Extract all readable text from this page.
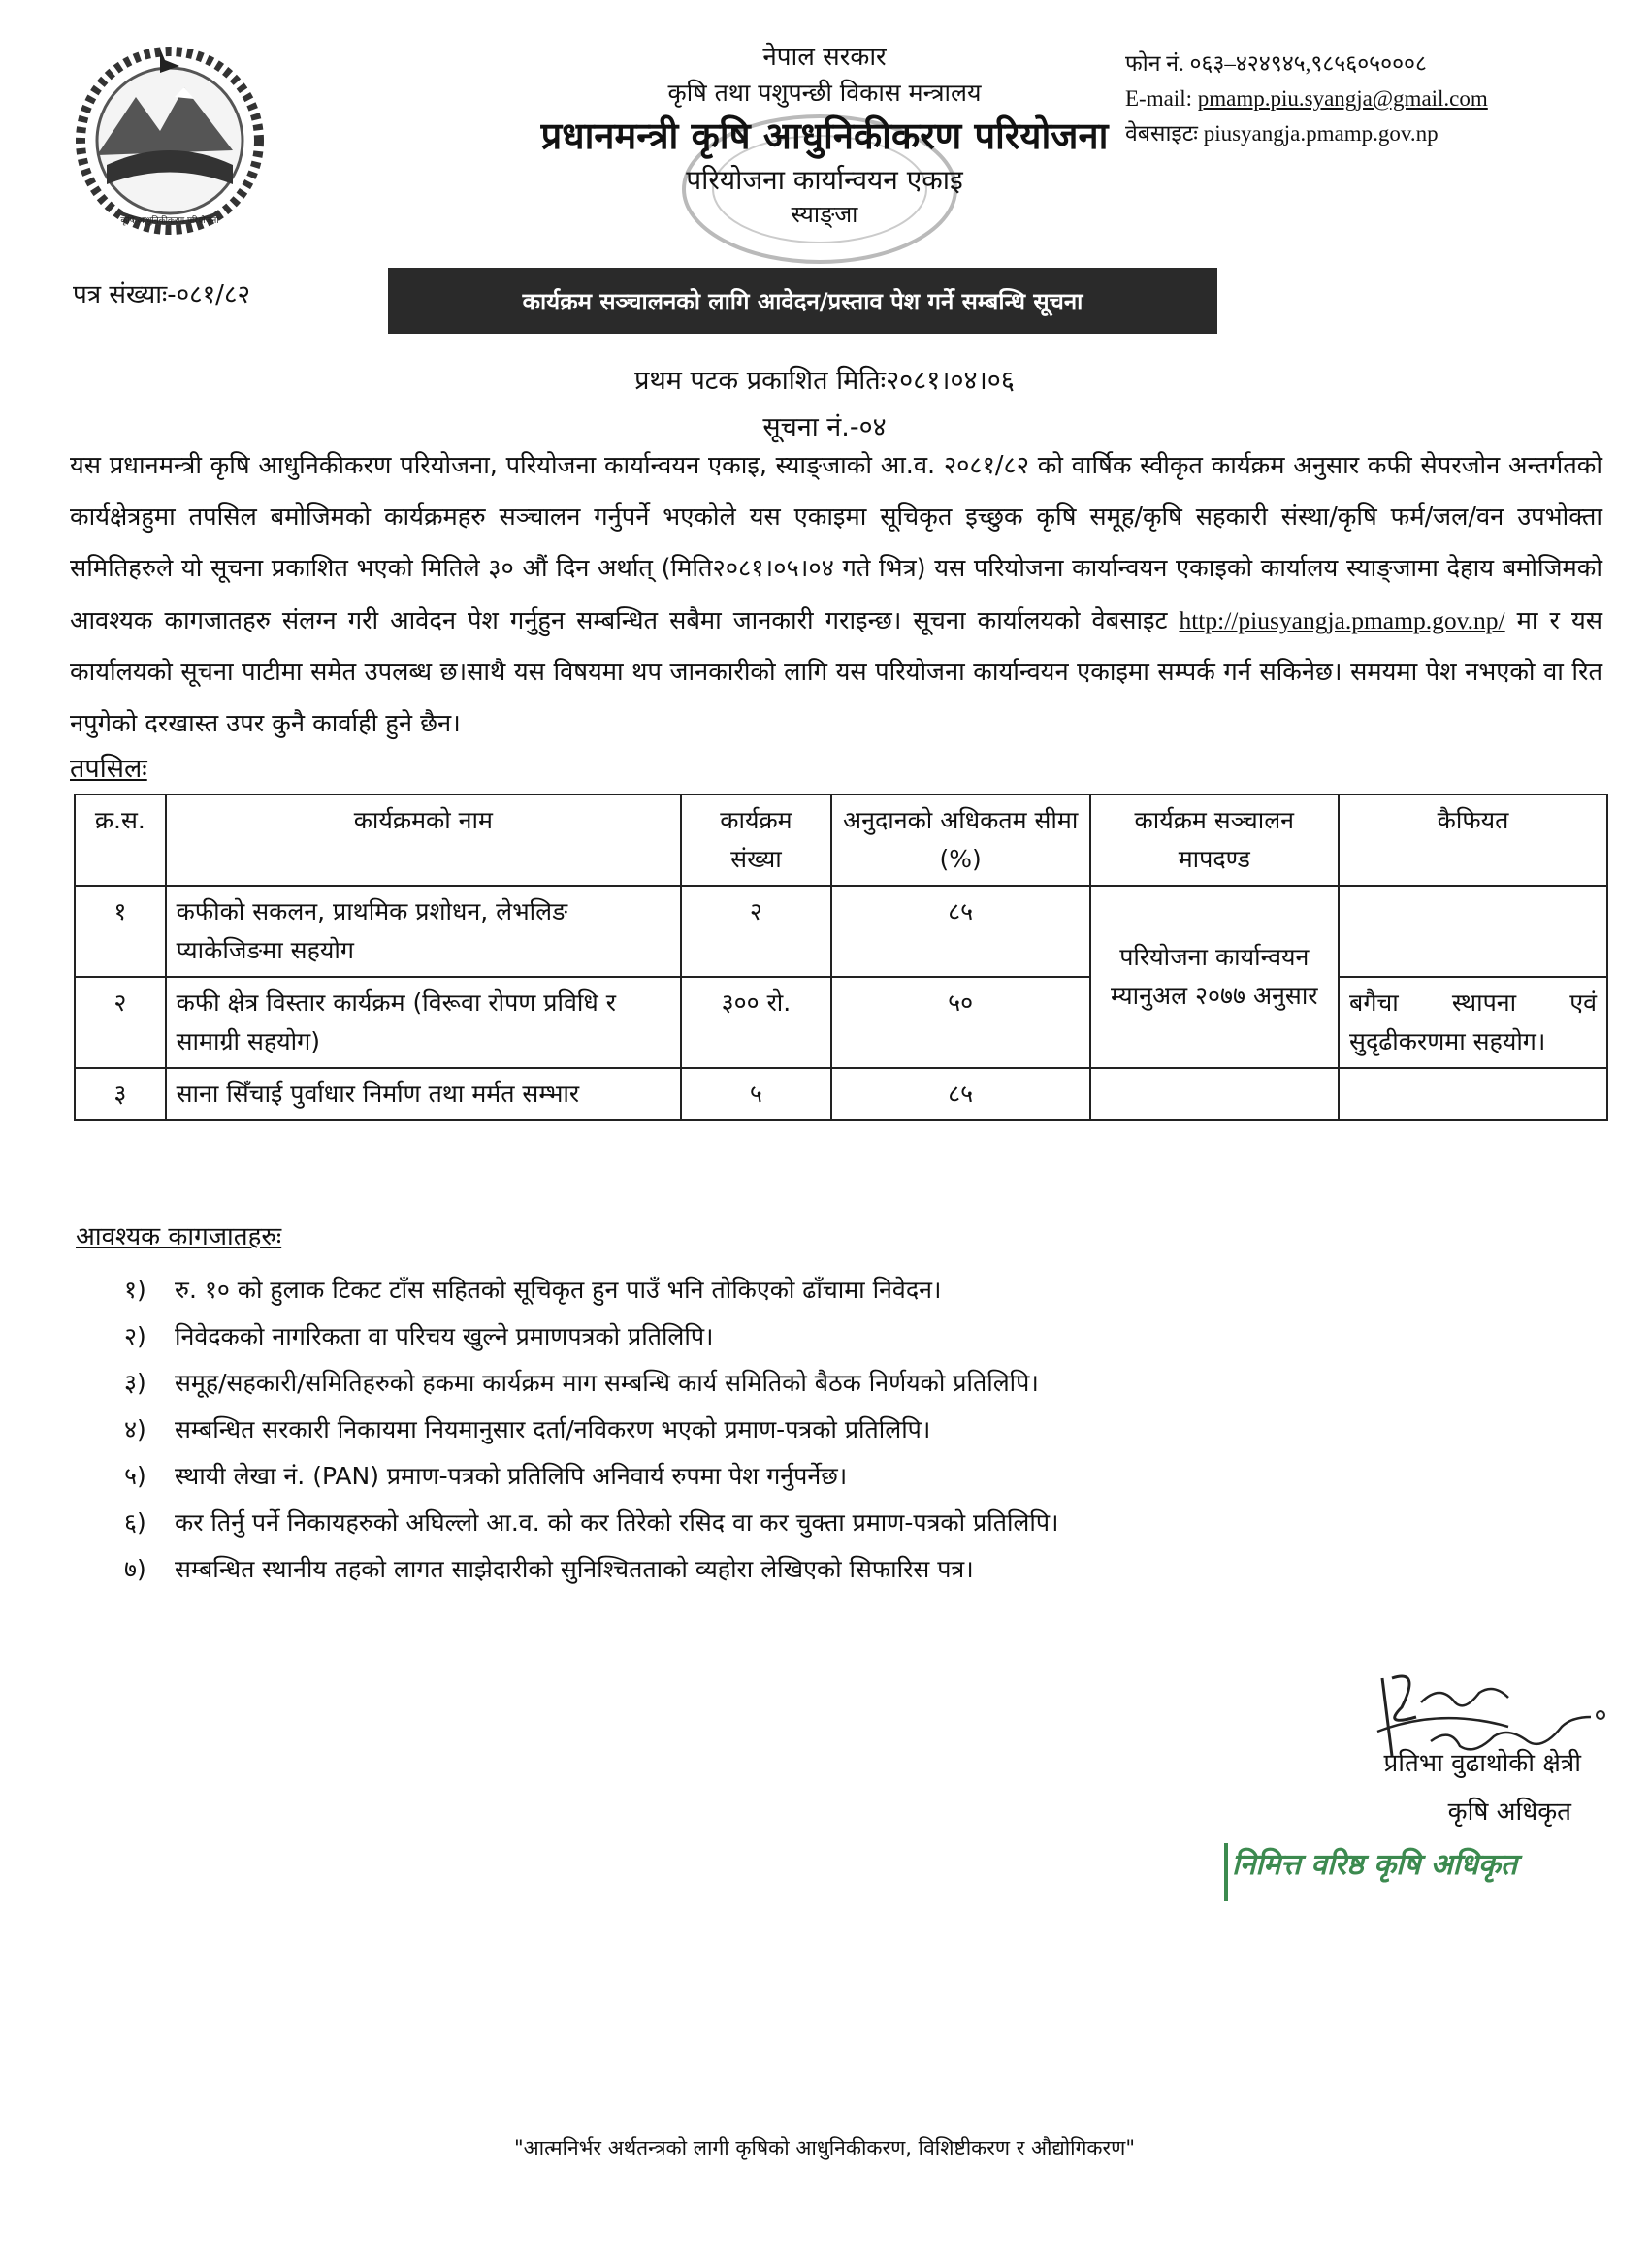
कृषि आधुनिकीकरण परियोजना
नेपाल सरकार
कृषि तथा पशुपन्छी विकास मन्त्रालय
प्रधानमन्त्री कृषि आधुनिकीकरण परियोजना
परियोजना कार्यान्वयन एकाइ
स्याङ्जा
फोन नं. ०६३–४२४९४५,९८५६०५०००८
E-mail: pmamp.piu.syangja@gmail.com
वेबसाइटः piusyangja.pmamp.gov.np
पत्र संख्याः-०८१/८२	कार्यक्रम सञ्चालनको लागि आवेदन/प्रस्ताव पेश गर्ने सम्बन्धि सूचना
प्रथम पटक प्रकाशित मितिः२०८१।०४।०६
सूचना नं.-०४
यस प्रधानमन्त्री कृषि आधुनिकीकरण परियोजना, परियोजना कार्यान्वयन एकाइ, स्याङ्जाको आ.व. २०८१/८२ को वार्षिक स्वीकृत कार्यक्रम अनुसार कफी सेपरजोन अन्तर्गतको कार्यक्षेत्रहुमा तपसिल बमोजिमको कार्यक्रमहरु सञ्चालन गर्नुपर्ने भएकोले यस एकाइमा सूचिकृत इच्छुक कृषि समूह/कृषि सहकारी संस्था/कृषि फर्म/जल/वन उपभोक्ता समितिहरुले यो सूचना प्रकाशित भएको मितिले ३० औं दिन अर्थात् (मिति२०८१।०५।०४ गते भित्र) यस परियोजना कार्यान्वयन एकाइको कार्यालय स्याङ्जामा देहाय बमोजिमको आवश्यक कागजातहरु संलग्न गरी आवेदन पेश गर्नुहुन सम्बन्धित सबैमा जानकारी गराइन्छ। सूचना कार्यालयको वेबसाइट http://piusyangja.pmamp.gov.np/ मा र यस कार्यालयको सूचना पाटीमा समेत उपलब्ध छ।साथै यस विषयमा थप जानकारीको लागि यस परियोजना कार्यान्वयन एकाइमा सम्पर्क गर्न सकिनेछ। समयमा पेश नभएको वा रित नपुगेको दरखास्त उपर कुनै कार्वाही हुने छैन।
तपसिलः
क्र.स.	कार्यक्रमको नाम	कार्यक्रम संख्या	अनुदानको अधिकतम सीमा (%)	कार्यक्रम सञ्चालन मापदण्ड	कैफियत
१	कफीको सकलन, प्राथमिक प्रशोधन, लेभलिङ प्याकेजिङमा सहयोग	२	८५	परियोजना कार्यान्वयन म्यानुअल २०७७ अनुसार	
२	कफी क्षेत्र विस्तार कार्यक्रम (विरूवा रोपण प्रविधि र सामाग्री सहयोग)	३०० रो.	५०		बगैचा स्थापना एवं सुदृढीकरणमा सहयोग।
३	साना सिँचाई पुर्वाधार निर्माण तथा मर्मत सम्भार	५	८५		
आवश्यक कागजातहरुः
१)	रु. १० को हुलाक टिकट टाँस सहितको सूचिकृत हुन पाउँ भनि तोकिएको ढाँचामा निवेदन।
२)	निवेदकको नागरिकता वा परिचय खुल्ने प्रमाणपत्रको प्रतिलिपि।
३)	समूह/सहकारी/समितिहरुको हकमा कार्यक्रम माग सम्बन्धि कार्य समितिको बैठक निर्णयको प्रतिलिपि।
४)	सम्बन्धित सरकारी निकायमा नियमानुसार दर्ता/नविकरण भएको प्रमाण-पत्रको प्रतिलिपि।
५)	स्थायी लेखा नं. (PAN) प्रमाण-पत्रको प्रतिलिपि अनिवार्य रुपमा पेश गर्नुपर्नेछ।
६)	कर तिर्नु पर्ने निकायहरुको अघिल्लो आ.व. को कर तिरेको रसिद वा कर चुक्ता प्रमाण-पत्रको प्रतिलिपि।
७)	सम्बन्धित स्थानीय तहको लागत साझेदारीको सुनिश्चितताको व्यहोरा लेखिएको सिफारिस पत्र।
प्रतिभा वुढाथोकी क्षेत्री
कृषि अधिकृत
निमित्त वरिष्ठ कृषि अधिकृत
"आत्मनिर्भर अर्थतन्त्रको लागी कृषिको आधुनिकीकरण, विशिष्टीकरण र औद्योगिकरण"
